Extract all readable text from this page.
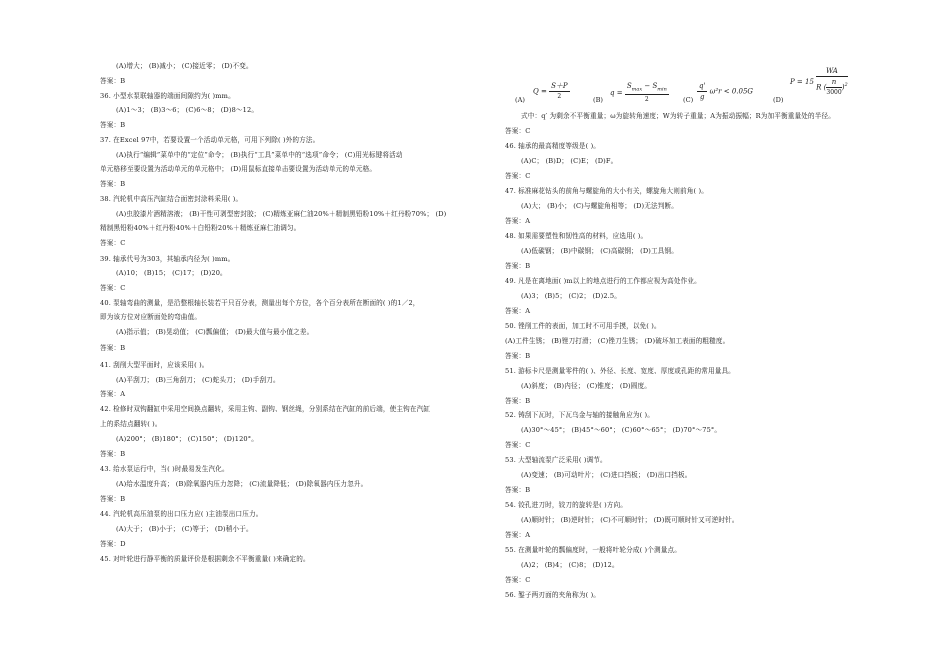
(A)增大； (B)减小； (C)接近零； (D)不变。
答案：B
36. 小型水泵联轴器的端面间隙约为( )mm。
(A)1～3； (B)3～6； (C)6～8； (D)8～12。
答案：B
37. 在Excel 97中，若要设置一个活动单元格，可用下列除( )外的方法。
(A)执行“编辑”菜单中的“定位”命令； (B)执行“工具”菜单中的“选项”命令； (C)用光标键将活动
单元格移至要设置为活动单元的单元格中； (D)用鼠标直接单击要设置为活动单元的单元格。
答案：B
38. 汽轮机中高压汽缸结合面密封涂料采用( )。
(A)虫胶漆片酒精溶液； (B)干性可剥型密封胶； (C)精炼亚麻仁油20%＋精制黑铅粉10%＋红丹粉70%； (D)
精制黑铅粉40%＋红丹粉40%＋白铅粉20%＋精炼亚麻仁油调匀。
答案：C
39. 轴承代号为303，其轴承内径为( )mm。
(A)10； (B)15； (C)17； (D)20。
答案：C
40. 泵轴弯曲的测量，是沿整根轴长装若干只百分表，测量出每个方位，各个百分表所在断面的( )的1／2，
即为该方位对应断面处的弯曲值。
(A)指示值； (B)晃动值； (C)瓢偏值； (D)最大值与最小值之差。
答案：B
41. 刮削大型平面时，应该采用( )。
(A)平刮刀； (B)三角刮刀； (C)蛇头刀； (D)手刮刀。
答案：A
42. 检修时双钩翻缸中采用空间换点翻转，采用主钩、副钩、钢丝绳，分别系结在汽缸的前后端，使主钩在汽缸
上的系结点翻转( )。
(A)200°； (B)180°； (C)150°； (D)120°。
答案：B
43. 给水泵运行中，当( )时最易发生汽化。
(A)给水温度升高； (B)除氧器内压力忽降； (C)流量降低； (D)除氧器内压力忽升。
答案：B
44. 汽轮机高压油泵的出口压力应( )主油泵出口压力。
(A)大于； (B)小于； (C)等于； (D)稍小于。
答案：D
45. 对叶轮进行静平衡的质量评价是根据剩余不平衡重量( )来确定的。
(A)
$Q = \frac{S+P}{2}$	(B)
$q = \frac{S_{max} - S_{min}}{2} (C) \frac{q'}{g} \omega^2r < 0.05G$
(D)
$P = 15 \frac{WA}{R ( \frac{n}{3000} )^2}$
式中：q′ 为剩余不平衡重量；ω为旋转角速度；W为转子重量；A为振动振幅；R为加平衡重量处的半径。
答案：C
46. 轴承的最高精度等级是( )。
(A)C； (B)D； (C)E； (D)F。
答案：C
47. 标准麻花钻头的前角与螺旋角的大小有关，螺旋角大则前角( )。
(A)大； (B)小； (C)与螺旋角相等； (D)无法判断。
答案：A
48. 如果需要塑性和韧性高的材料，应选用( )。
(A)低碳钢； (B)中碳钢； (C)高碳钢； (D)工具钢。
答案：B
49. 凡是在离地面( )m以上的地点进行的工作都应视为高处作业。
(A)3； (B)5； (C)2； (D)2.5。
答案：A
50. 锉削工件的表面，加工时不可用手摸，以免( )。
(A)工件生锈； (B)锉刀打滑； (C)锉刀生锈； (D)破坏加工表面的粗糙度。
答案：B
51. 游标卡尺是测量零件的( )、外径、长度、宽度、厚度或孔距的常用量具。
(A)斜度； (B)内径； (C)锥度； (D)圆度。
答案：B
52. 铸刮下瓦时，下瓦乌金与轴的接触角应为( )。
(A)30°～45°； (B)45°～60°； (C)60°～65°； (D)70°～75°。
答案：C
53. 大型轴流泵广泛采用( )调节。
(A)变速； (B)可动叶片； (C)进口挡板； (D)出口挡板。
答案：B
54. 铰孔进刀时，铰刀的旋转是( )方向。
(A)顺时针； (B)逆时针； (C)不可顺时针； (D)既可顺时针又可逆时针。
答案：A
55. 在测量叶轮的瓢偏度时，一般将叶轮分成( )个测量点。
(A)2； (B)4； (C)8； (D)12。
答案：C
56. 錾子两刃面的夹角称为( )。
